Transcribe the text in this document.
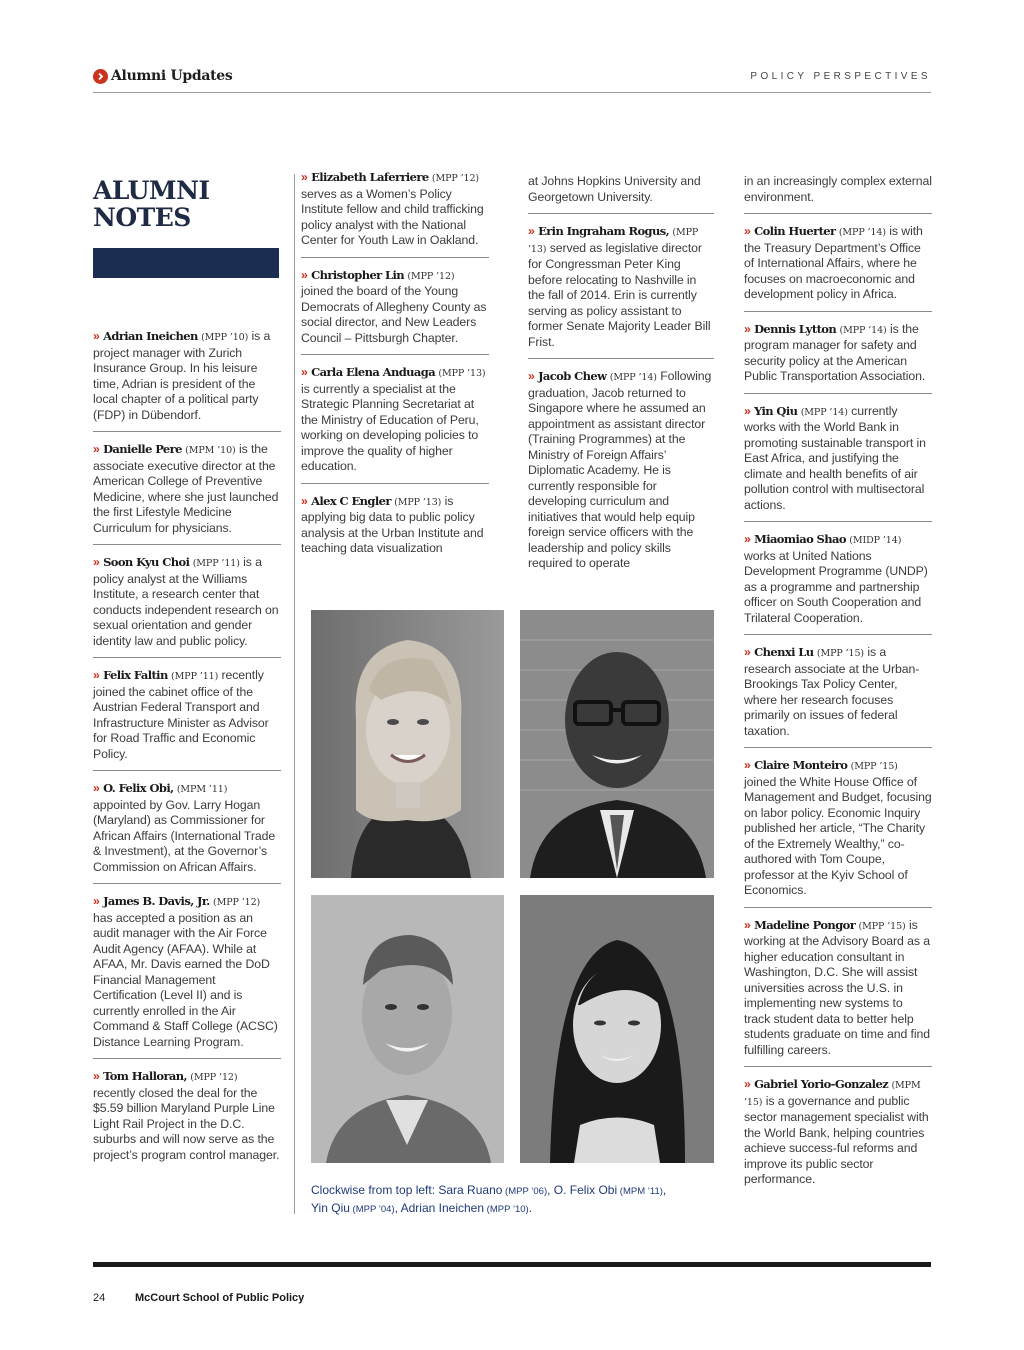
Alumni Updates	POLICY PERSPECTIVES
ALUMNI
NOTES
» Adrian Ineichen (MPP ’10) is a project manager with Zurich Insurance Group. In his leisure time, Adrian is president of the local chapter of a political party (FDP) in Dübendorf.
» Danielle Pere (MPM ’10) is the associate executive director at the American College of Preventive Medicine, where she just launched the first Lifestyle Medicine Curriculum for physicians.
» Soon Kyu Choi (MPP ’11) is a policy analyst at the Williams Institute, a research center that conducts independent research on sexual orientation and gender identity law and public policy.
» Felix Faltin (MPP ’11) recently joined the cabinet office of the Austrian Federal Transport and Infrastructure Minister as Advisor for Road Traffic and Economic Policy.
» O. Felix Obi, (MPM ’11) appointed by Gov. Larry Hogan (Maryland) as Commissioner for African Affairs (International Trade & Investment), at the Governor’s Commission on African Affairs.
» James B. Davis, Jr. (MPP ’12) has accepted a position as an audit manager with the Air Force Audit Agency (AFAA). While at AFAA, Mr. Davis earned the DoD Financial Management Certification (Level II) and is currently enrolled in the Air Command & Staff College (ACSC) Distance Learning Program.
» Tom Halloran, (MPP ’12) recently closed the deal for the $5.59 billion Maryland Purple Line Light Rail Project in the D.C. suburbs and will now serve as the project’s program control manager.
» Elizabeth Laferriere (MPP ’12) serves as a Women’s Policy Institute fellow and child trafficking policy analyst with the National Center for Youth Law in Oakland.
» Christopher Lin (MPP ’12) joined the board of the Young Democrats of Allegheny County as social director, and New Leaders Council – Pittsburgh Chapter.
» Carla Elena Anduaga (MPP ’13) is currently a specialist at the Strategic Planning Secretariat at the Ministry of Education of Peru, working on developing policies to improve the quality of higher education.
» Alex C Engler (MPP ’13) is applying big data to public policy analysis at the Urban Institute and teaching data visualization
at Johns Hopkins University and Georgetown University.
» Erin Ingraham Rogus, (MPP ’13) served as legislative director for Congressman Peter King before relocating to Nashville in the fall of 2014. Erin is currently serving as policy assistant to former Senate Majority Leader Bill Frist.
» Jacob Chew (MPP ’14) Following graduation, Jacob returned to Singapore where he assumed an appointment as assistant director (Training Programmes) at the Ministry of Foreign Affairs’ Diplomatic Academy. He is currently responsible for developing curriculum and initiatives that would help equip foreign service officers with the leadership and policy skills required to operate
in an increasingly complex external environment.
» Colin Huerter (MPP ’14) is with the Treasury Department’s Office of International Affairs, where he focuses on macroeconomic and development policy in Africa.
» Dennis Lytton (MPP ’14) is the program manager for safety and security policy at the American Public Transportation Association.
» Yin Qiu (MPP ’14) currently works with the World Bank in promoting sustainable transport in East Africa, and justifying the climate and health benefits of air pollution control with multisectoral actions.
» Miaomiao Shao (MIDP ’14) works at United Nations Development Programme (UNDP) as a programme and partnership officer on South Cooperation and Trilateral Cooperation.
» Chenxi Lu (MPP ’15) is a research associate at the Urban-Brookings Tax Policy Center, where her research focuses primarily on issues of federal taxation.
» Claire Monteiro (MPP ’15) joined the White House Office of Management and Budget, focusing on labor policy. Economic Inquiry published her article, “The Charity of the Extremely Wealthy,” co-authored with Tom Coupe, professor at the Kyiv School of Economics.
» Madeline Pongor (MPP ’15) is working at the Advisory Board as a higher education consultant in Washington, D.C. She will assist universities across the U.S. in implementing new systems to track student data to better help students graduate on time and find fulfilling careers.
» Gabriel Yorio-Gonzalez (MPM ’15) is a governance and public sector management specialist with the World Bank, helping countries achieve success-ful reforms and improve its public sector performance.
Clockwise from top left: Sara Ruano (MPP ’06), O. Felix Obi (MPM ’11),
Yin Qiu (MPP ’04), Adrian Ineichen (MPP ’10).
24	McCourt School of Public Policy
